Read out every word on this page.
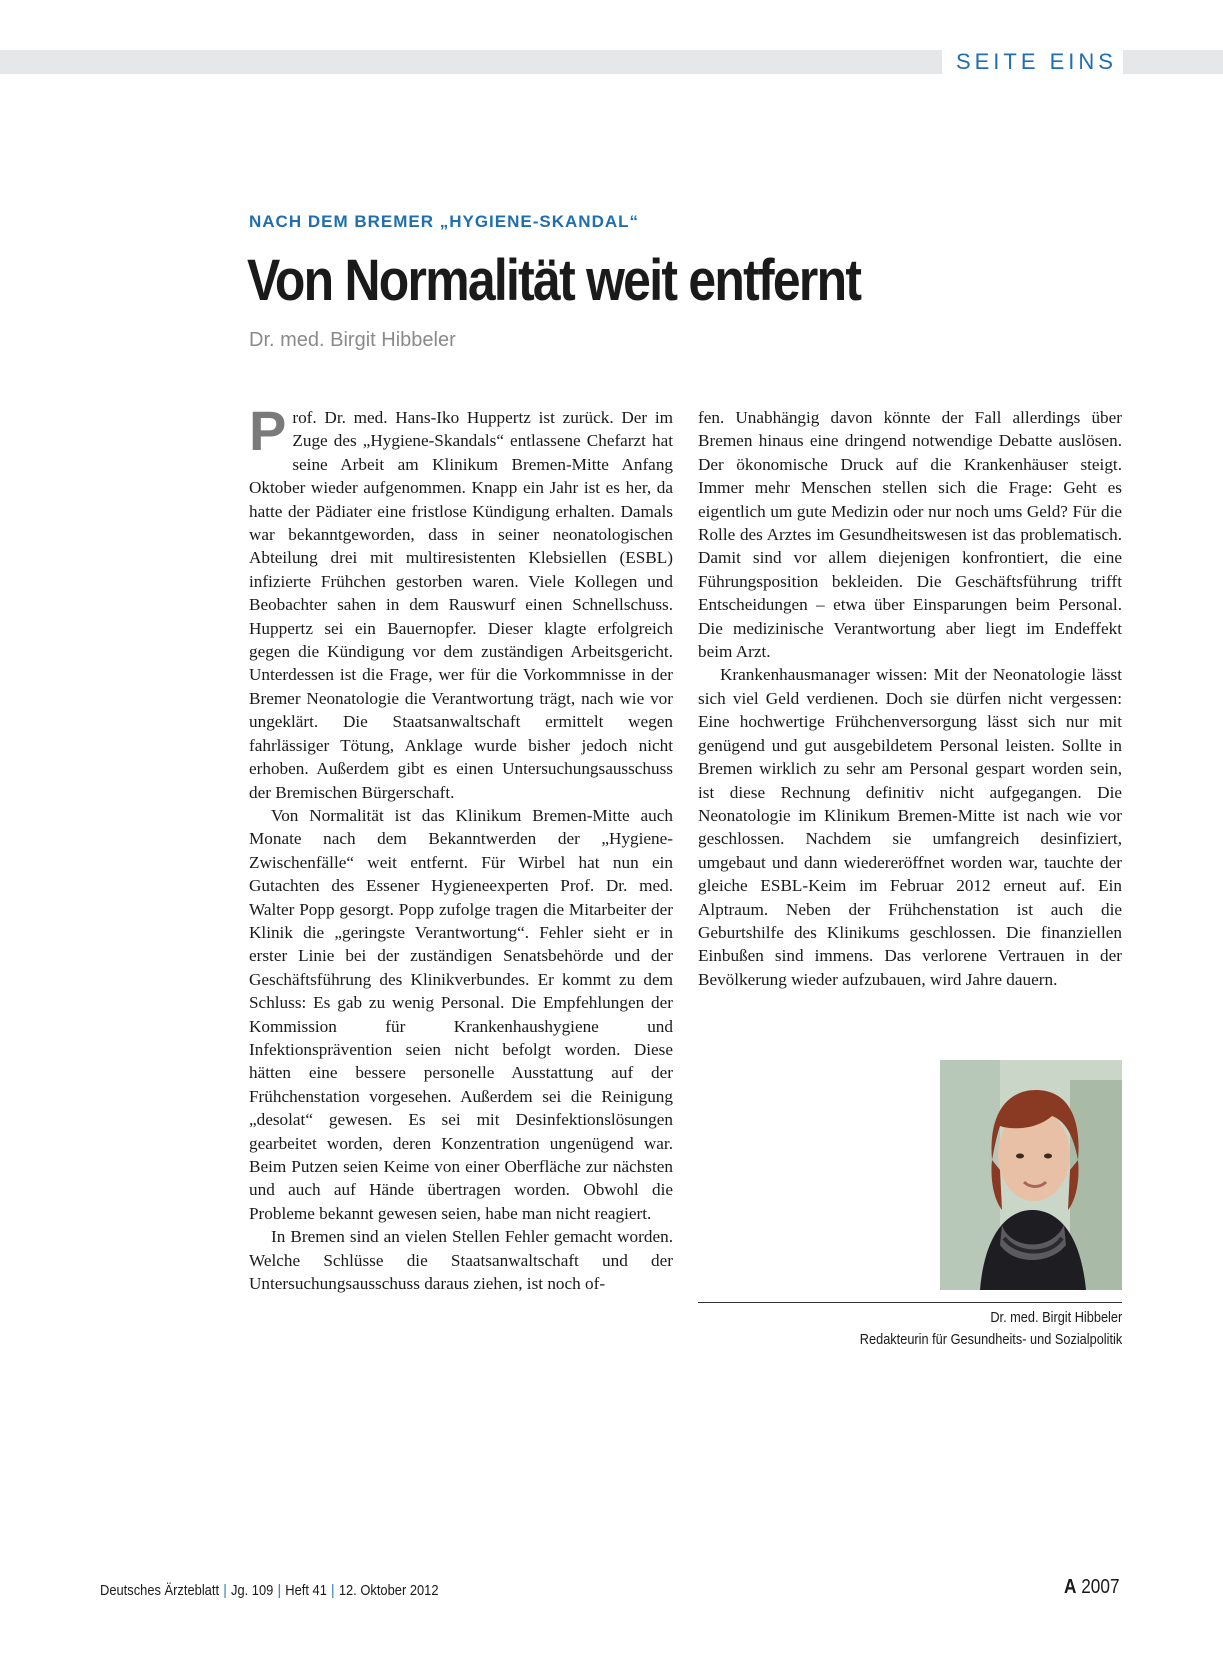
SEITE EINS
NACH DEM BREMER „HYGIENE-SKANDAL“
Von Normalität weit entfernt
Dr. med. Birgit Hibbeler

Prof. Dr. med. Hans-Iko Huppertz ist zurück. Der im Zuge des „Hygiene-Skandals“ entlassene Chefarzt hat seine Arbeit am Klinikum Bremen-Mitte Anfang Oktober wieder aufgenommen. Knapp ein Jahr ist es her, da hatte der Pädiater eine fristlose Kündigung erhalten. Damals war bekanntgeworden, dass in seiner neonatologischen Abteilung drei mit multiresistenten Klebsiellen (ESBL) infizierte Frühchen gestorben waren. Viele Kollegen und Beobachter sahen in dem Rauswurf einen Schnellschuss. Huppertz sei ein Bauernopfer. Dieser klagte erfolgreich gegen die Kündigung vor dem zuständigen Arbeitsgericht. Unterdessen ist die Frage, wer für die Vorkommnisse in der Bremer Neonatologie die Verantwortung trägt, nach wie vor ungeklärt. Die Staatsanwaltschaft ermittelt wegen fahrlässiger Tötung, Anklage wurde bisher jedoch nicht erhoben. Außerdem gibt es einen Untersuchungsausschuss der Bremischen Bürgerschaft.

Von Normalität ist das Klinikum Bremen-Mitte auch Monate nach dem Bekanntwerden der „Hygiene-Zwischenfälle“ weit entfernt. Für Wirbel hat nun ein Gutachten des Essener Hygieneexperten Prof. Dr. med. Walter Popp gesorgt. Popp zufolge tragen die Mitarbeiter der Klinik die „geringste Verantwortung“. Fehler sieht er in erster Linie bei der zuständigen Senatsbehörde und der Geschäftsführung des Klinikverbundes. Er kommt zu dem Schluss: Es gab zu wenig Personal. Die Empfehlungen der Kommission für Krankenhaushygiene und Infektionsprävention seien nicht befolgt worden. Diese hätten eine bessere personelle Ausstattung auf der Frühchenstation vorgesehen. Außerdem sei die Reinigung „desolat“ gewesen. Es sei mit Desinfektionslösungen gearbeitet worden, deren Konzentration ungenügend war. Beim Putzen seien Keime von einer Oberfläche zur nächsten und auch auf Hände übertragen worden. Obwohl die Probleme bekannt gewesen seien, habe man nicht reagiert.

In Bremen sind an vielen Stellen Fehler gemacht worden. Welche Schlüsse die Staatsanwaltschaft und der Untersuchungsausschuss daraus ziehen, ist noch of-

fen. Unabhängig davon könnte der Fall allerdings über Bremen hinaus eine dringend notwendige Debatte auslösen. Der ökonomische Druck auf die Krankenhäuser steigt. Immer mehr Menschen stellen sich die Frage: Geht es eigentlich um gute Medizin oder nur noch ums Geld? Für die Rolle des Arztes im Gesundheitswesen ist das problematisch. Damit sind vor allem diejenigen konfrontiert, die eine Führungsposition bekleiden. Die Geschäftsführung trifft Entscheidungen – etwa über Einsparungen beim Personal. Die medizinische Verantwortung aber liegt im Endeffekt beim Arzt.

Krankenhausmanager wissen: Mit der Neonatologie lässt sich viel Geld verdienen. Doch sie dürfen nicht vergessen: Eine hochwertige Frühchenversorgung lässt sich nur mit genügend und gut ausgebildetem Personal leisten. Sollte in Bremen wirklich zu sehr am Personal gespart worden sein, ist diese Rechnung definitiv nicht aufgegangen. Die Neonatologie im Klinikum Bremen-Mitte ist nach wie vor geschlossen. Nachdem sie umfangreich desinfiziert, umgebaut und dann wiedereröffnet worden war, tauchte der gleiche ESBL-Keim im Februar 2012 erneut auf. Ein Alptraum. Neben der Frühchenstation ist auch die Geburtshilfe des Klinikums geschlossen. Die finanziellen Einbußen sind immens. Das verlorene Vertrauen in der Bevölkerung wieder aufzubauen, wird Jahre dauern.

Dr. med. Birgit Hibbeler
Redakteurin für Gesundheits- und Sozialpolitik
Deutsches Ärzteblatt | Jg. 109 | Heft 41 | 12. Oktober 2012	A 2007
